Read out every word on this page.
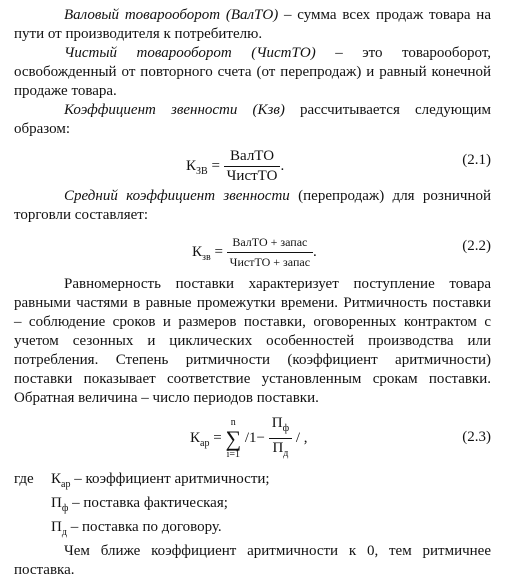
Валовый товарооборот (ВалТО) – сумма всех продаж товара на пути от производителя к потребителю.

Чистый товарооборот (ЧистТО) – это товарооборот, освобожденный от повторного счета (от перепродаж) и равный конечной продаже товара.

Коэффициент звенности (Кзв) рассчитывается следующим образом:

$К_{ЗВ} = \frac{\text{ВалТО}}{\text{ЧистТО}}$ .	(2.1)

Средний коэффициент звенности (перепродаж) для розничной торговли составляет:

$К_{зв} = \frac{\text{ВалТО + запас}}{\text{ЧистТО + запас}}$ .	(2.2)

Равномерность поставки характеризует поступление товара равными частями в равные промежутки времени. Ритмичность поставки – соблюдение сроков и размеров поставки, оговоренных контрактом с учетом сезонных и циклических особенностей производства или потребления. Степень ритмичности (коэффициент аритмичности) поставки показывает соответствие установленным срокам поставки. Обратная величина – число периодов поставки.

$К_{ар}$ =
n
∑
i=1
$/1- \frac{П_ф}{П_д}$ / ,	(2.3)
где	$К_{ар}$ – коэффициент аритмичности;
$П_ф$ – поставка фактическая;
$П_д$ – поставка по договору.

Чем ближе коэффициент аритмичности к 0, тем ритмичнее поставка.
